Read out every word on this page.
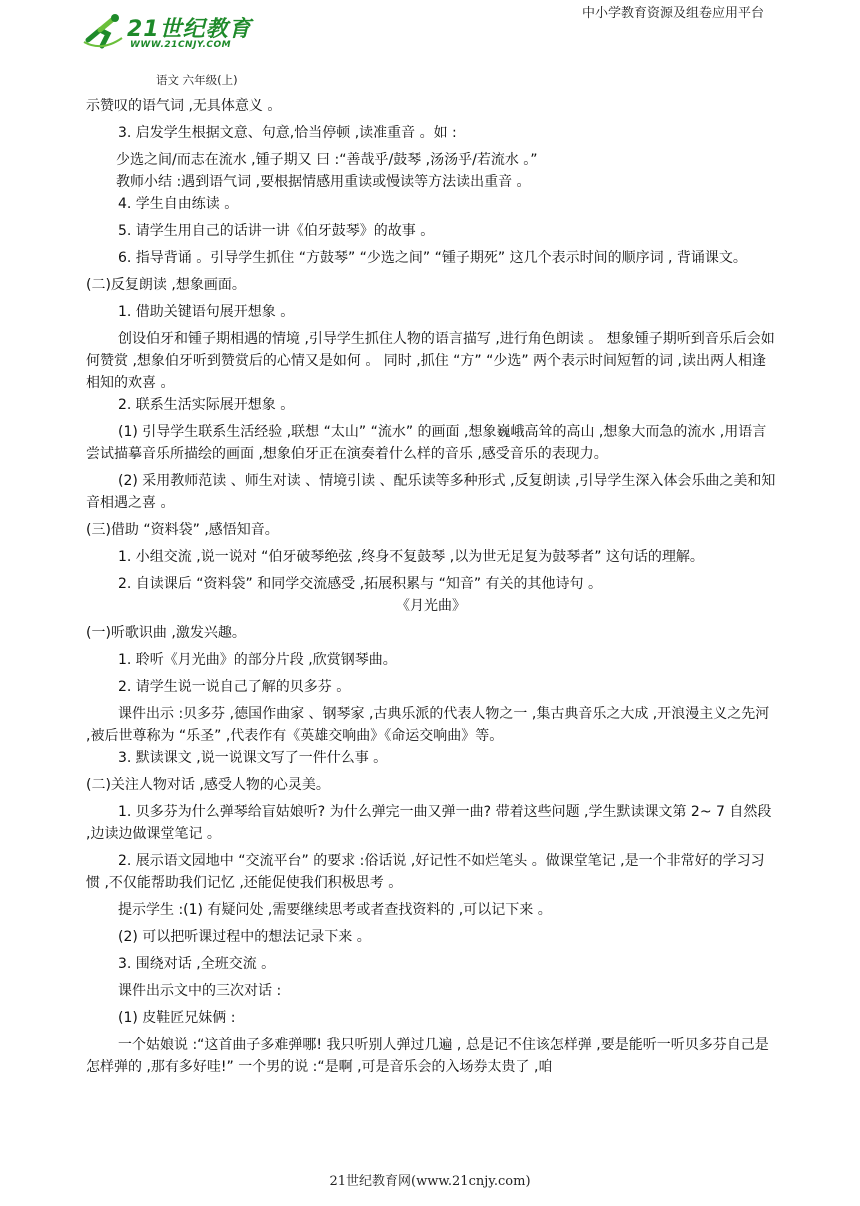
中小学教育资源及组卷应用平台
21世纪教育
WWW.21CNJY.COM
语文 六年级(上)

示赞叹的语气词 ,无具体意义 。

3. 启发学生根据文意、句意,恰当停顿 ,读准重音 。如 :

少选之间/而志在流水 ,锺子期又 曰 :“善哉乎/鼓琴 ,汤汤乎/若流水 。”

教师小结 :遇到语气词 ,要根据情感用重读或慢读等方法读出重音 。

4. 学生自由练读 。

5. 请学生用自己的话讲一讲《伯牙鼓琴》的故事 。

6. 指导背诵 。引导学生抓住 “方鼓琴” “少选之间” “锺子期死” 这几个表示时间的顺序词 , 背诵课文。

(二)反复朗读 ,想象画面。

1. 借助关键语句展开想象 。

创设伯牙和锺子期相遇的情境 ,引导学生抓住人物的语言描写 ,进行角色朗读 。 想象锺子期听到音乐后会如何赞赏 ,想象伯牙听到赞赏后的心情又是如何 。 同时 ,抓住 “方” “少选” 两个表示时间短暂的词 ,读出两人相逢相知的欢喜 。

2. 联系生活实际展开想象 。

(1) 引导学生联系生活经验 ,联想 “太山” “流水” 的画面 ,想象巍峨高耸的高山 ,想象大而急的流水 ,用语言尝试描摹音乐所描绘的画面 ,想象伯牙正在演奏着什么样的音乐 ,感受音乐的表现力。

(2) 采用教师范读 、师生对读 、情境引读 、配乐读等多种形式 ,反复朗读 ,引导学生深入体会乐曲之美和知音相遇之喜 。

(三)借助 “资料袋” ,感悟知音。

1. 小组交流 ,说一说对 “伯牙破琴绝弦 ,终身不复鼓琴 ,以为世无足复为鼓琴者” 这句话的理解。

2. 自读课后 “资料袋” 和同学交流感受 ,拓展积累与 “知音” 有关的其他诗句 。

《月光曲》

(一)听歌识曲 ,激发兴趣。

1. 聆听《月光曲》的部分片段 ,欣赏钢琴曲。

2. 请学生说一说自己了解的贝多芬 。

课件出示 :贝多芬 ,德国作曲家 、钢琴家 ,古典乐派的代表人物之一 ,集古典音乐之大成 ,开浪漫主义之先河 ,被后世尊称为 “乐圣” ,代表作有《英雄交响曲》《命运交响曲》等。

3. 默读课文 ,说一说课文写了一件什么事 。

(二)关注人物对话 ,感受人物的心灵美。

1. 贝多芬为什么弹琴给盲姑娘听? 为什么弹完一曲又弹一曲? 带着这些问题 ,学生默读课文第 2~ 7 自然段 ,边读边做课堂笔记 。

2. 展示语文园地中 “交流平台” 的要求 :俗话说 ,好记性不如烂笔头 。做课堂笔记 ,是一个非常好的学习习惯 ,不仅能帮助我们记忆 ,还能促使我们积极思考 。

提示学生 :(1) 有疑问处 ,需要继续思考或者查找资料的 ,可以记下来 。

(2) 可以把听课过程中的想法记录下来 。

3. 围绕对话 ,全班交流 。

课件出示文中的三次对话 :

(1) 皮鞋匠兄妹俩 :

一个姑娘说 :“这首曲子多难弹哪! 我只听别人弹过几遍 , 总是记不住该怎样弹 ,要是能听一听贝多芬自己是怎样弹的 ,那有多好哇!” 一个男的说 :“是啊 ,可是音乐会的入场券太贵了 ,咱

21世纪教育网(www.21cnjy.com)
